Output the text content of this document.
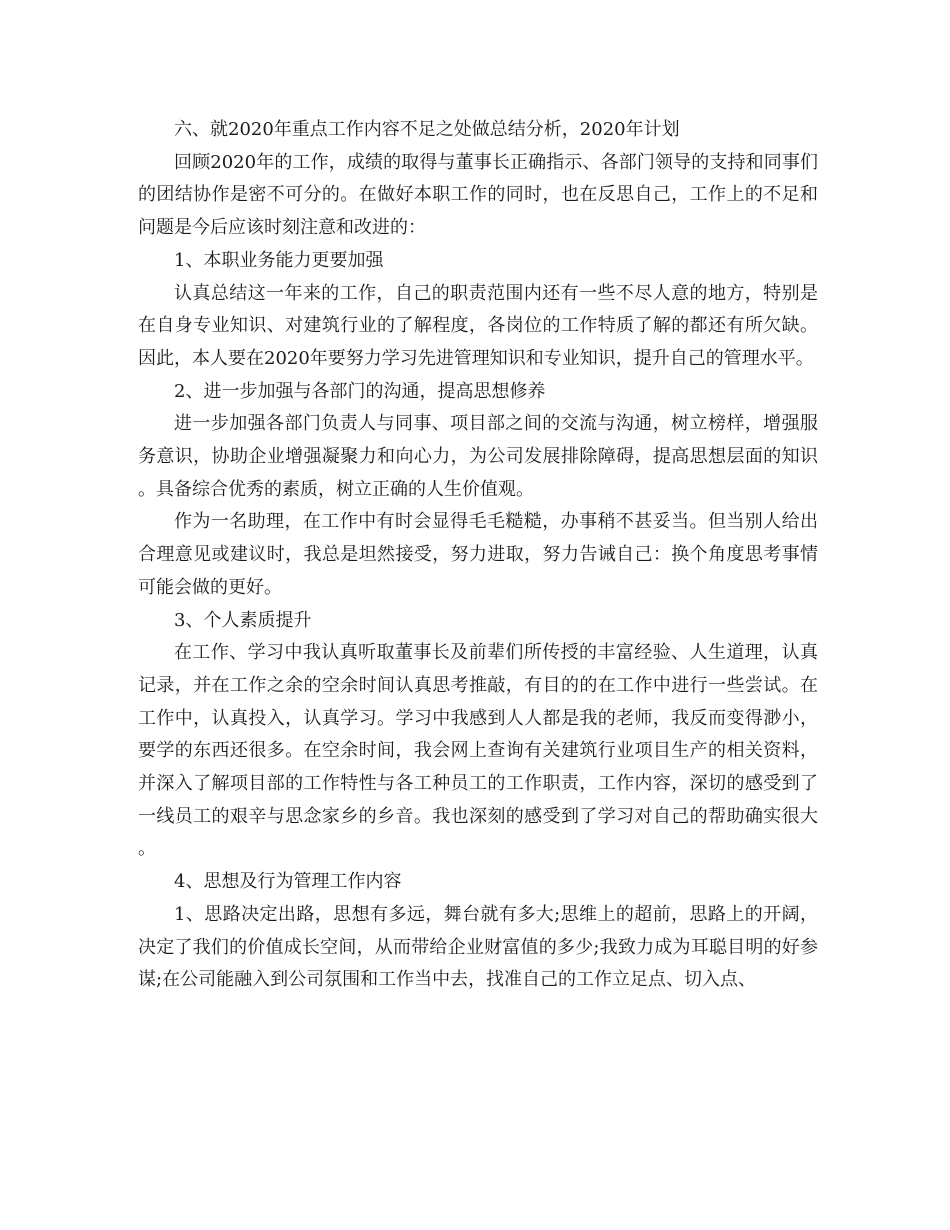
六、就2020年重点工作内容不足之处做总结分析，2020年计划

回顾2020年的工作，成绩的取得与董事长正确指示、各部门领导的支持和同事们的团结协作是密不可分的。在做好本职工作的同时，也在反思自己，工作上的不足和问题是今后应该时刻注意和改进的：

1、本职业务能力更要加强

认真总结这一年来的工作，自己的职责范围内还有一些不尽人意的地方，特别是在自身专业知识、对建筑行业的了解程度，各岗位的工作特质了解的都还有所欠缺。因此，本人要在2020年要努力学习先进管理知识和专业知识，提升自己的管理水平。

2、进一步加强与各部门的沟通，提高思想修养

进一步加强各部门负责人与同事、项目部之间的交流与沟通，树立榜样，增强服务意识，协助企业增强凝聚力和向心力，为公司发展排除障碍，提高思想层面的知识。具备综合优秀的素质，树立正确的人生价值观。

作为一名助理，在工作中有时会显得毛毛糙糙，办事稍不甚妥当。但当别人给出合理意见或建议时，我总是坦然接受，努力进取，努力告诫自己：换个角度思考事情可能会做的更好。

3、个人素质提升

在工作、学习中我认真听取董事长及前辈们所传授的丰富经验、人生道理，认真记录，并在工作之余的空余时间认真思考推敲，有目的的在工作中进行一些尝试。在工作中，认真投入，认真学习。学习中我感到人人都是我的老师，我反而变得渺小，要学的东西还很多。在空余时间，我会网上查询有关建筑行业项目生产的相关资料，并深入了解项目部的工作特性与各工种员工的工作职责，工作内容，深切的感受到了一线员工的艰辛与思念家乡的乡音。我也深刻的感受到了学习对自己的帮助确实很大。

4、思想及行为管理工作内容

1、思路决定出路，思想有多远，舞台就有多大;思维上的超前，思路上的开阔，决定了我们的价值成长空间，从而带给企业财富值的多少;我致力成为耳聪目明的好参谋;在公司能融入到公司氛围和工作当中去，找准自己的工作立足点、切入点、
